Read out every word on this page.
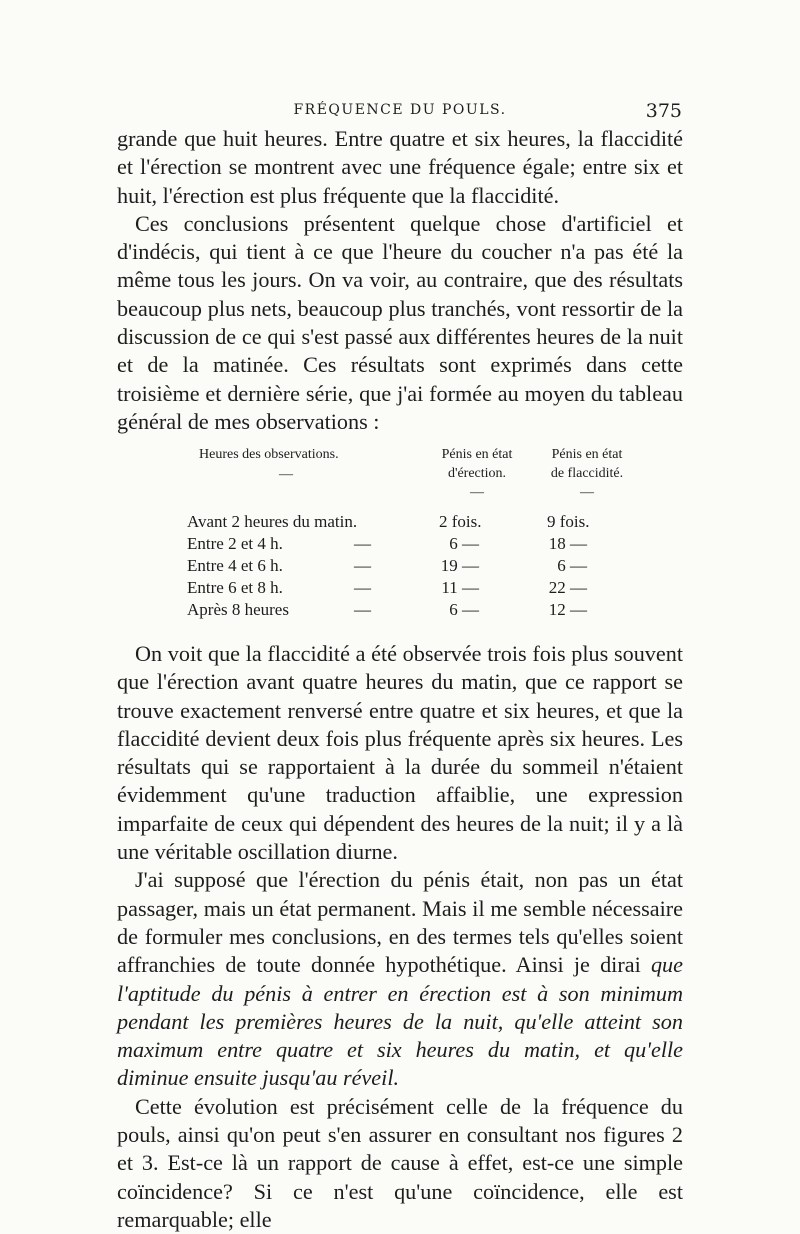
FRÉQUENCE DU POULS.	375

grande que huit heures. Entre quatre et six heures, la flaccidité et l'érection se montrent avec une fréquence égale; entre six et huit, l'érection est plus fréquente que la flaccidité.

Ces conclusions présentent quelque chose d'artificiel et d'indécis, qui tient à ce que l'heure du coucher n'a pas été la même tous les jours. On va voir, au contraire, que des résultats beaucoup plus nets, beaucoup plus tranchés, vont ressortir de la discussion de ce qui s'est passé aux différentes heures de la nuit et de la matinée. Ces résultats sont exprimés dans cette troisième et dernière série, que j'ai formée au moyen du tableau général de mes observations :

Heures des observations.
—
Pénis en état
d'érection.
—
Pénis en état
de flaccidité.
—
Avant 2 heures du matin.	2 fois.	9 fois.
Entre 2 et 4 h.	—	6 —	18 —
Entre 4 et 6 h.	—	19 —	6 —
Entre 6 et 8 h.	—	11 —	22 —
Après 8 heures	—	6 —	12 —

On voit que la flaccidité a été observée trois fois plus souvent que l'érection avant quatre heures du matin, que ce rapport se trouve exactement renversé entre quatre et six heures, et que la flaccidité devient deux fois plus fréquente après six heures. Les résultats qui se rapportaient à la durée du sommeil n'étaient évidemment qu'une traduction affaiblie, une expression imparfaite de ceux qui dépendent des heures de la nuit; il y a là une véritable oscillation diurne.

J'ai supposé que l'érection du pénis était, non pas un état passager, mais un état permanent. Mais il me semble nécessaire de formuler mes conclusions, en des termes tels qu'elles soient affranchies de toute donnée hypothétique. Ainsi je dirai que l'aptitude du pénis à entrer en érection est à son minimum pendant les premières heures de la nuit, qu'elle atteint son maximum entre quatre et six heures du matin, et qu'elle diminue ensuite jusqu'au réveil.

Cette évolution est précisément celle de la fréquence du pouls, ainsi qu'on peut s'en assurer en consultant nos figures 2 et 3. Est-ce là un rapport de cause à effet, est-ce une simple coïncidence? Si ce n'est qu'une coïncidence, elle est remarquable; elle
